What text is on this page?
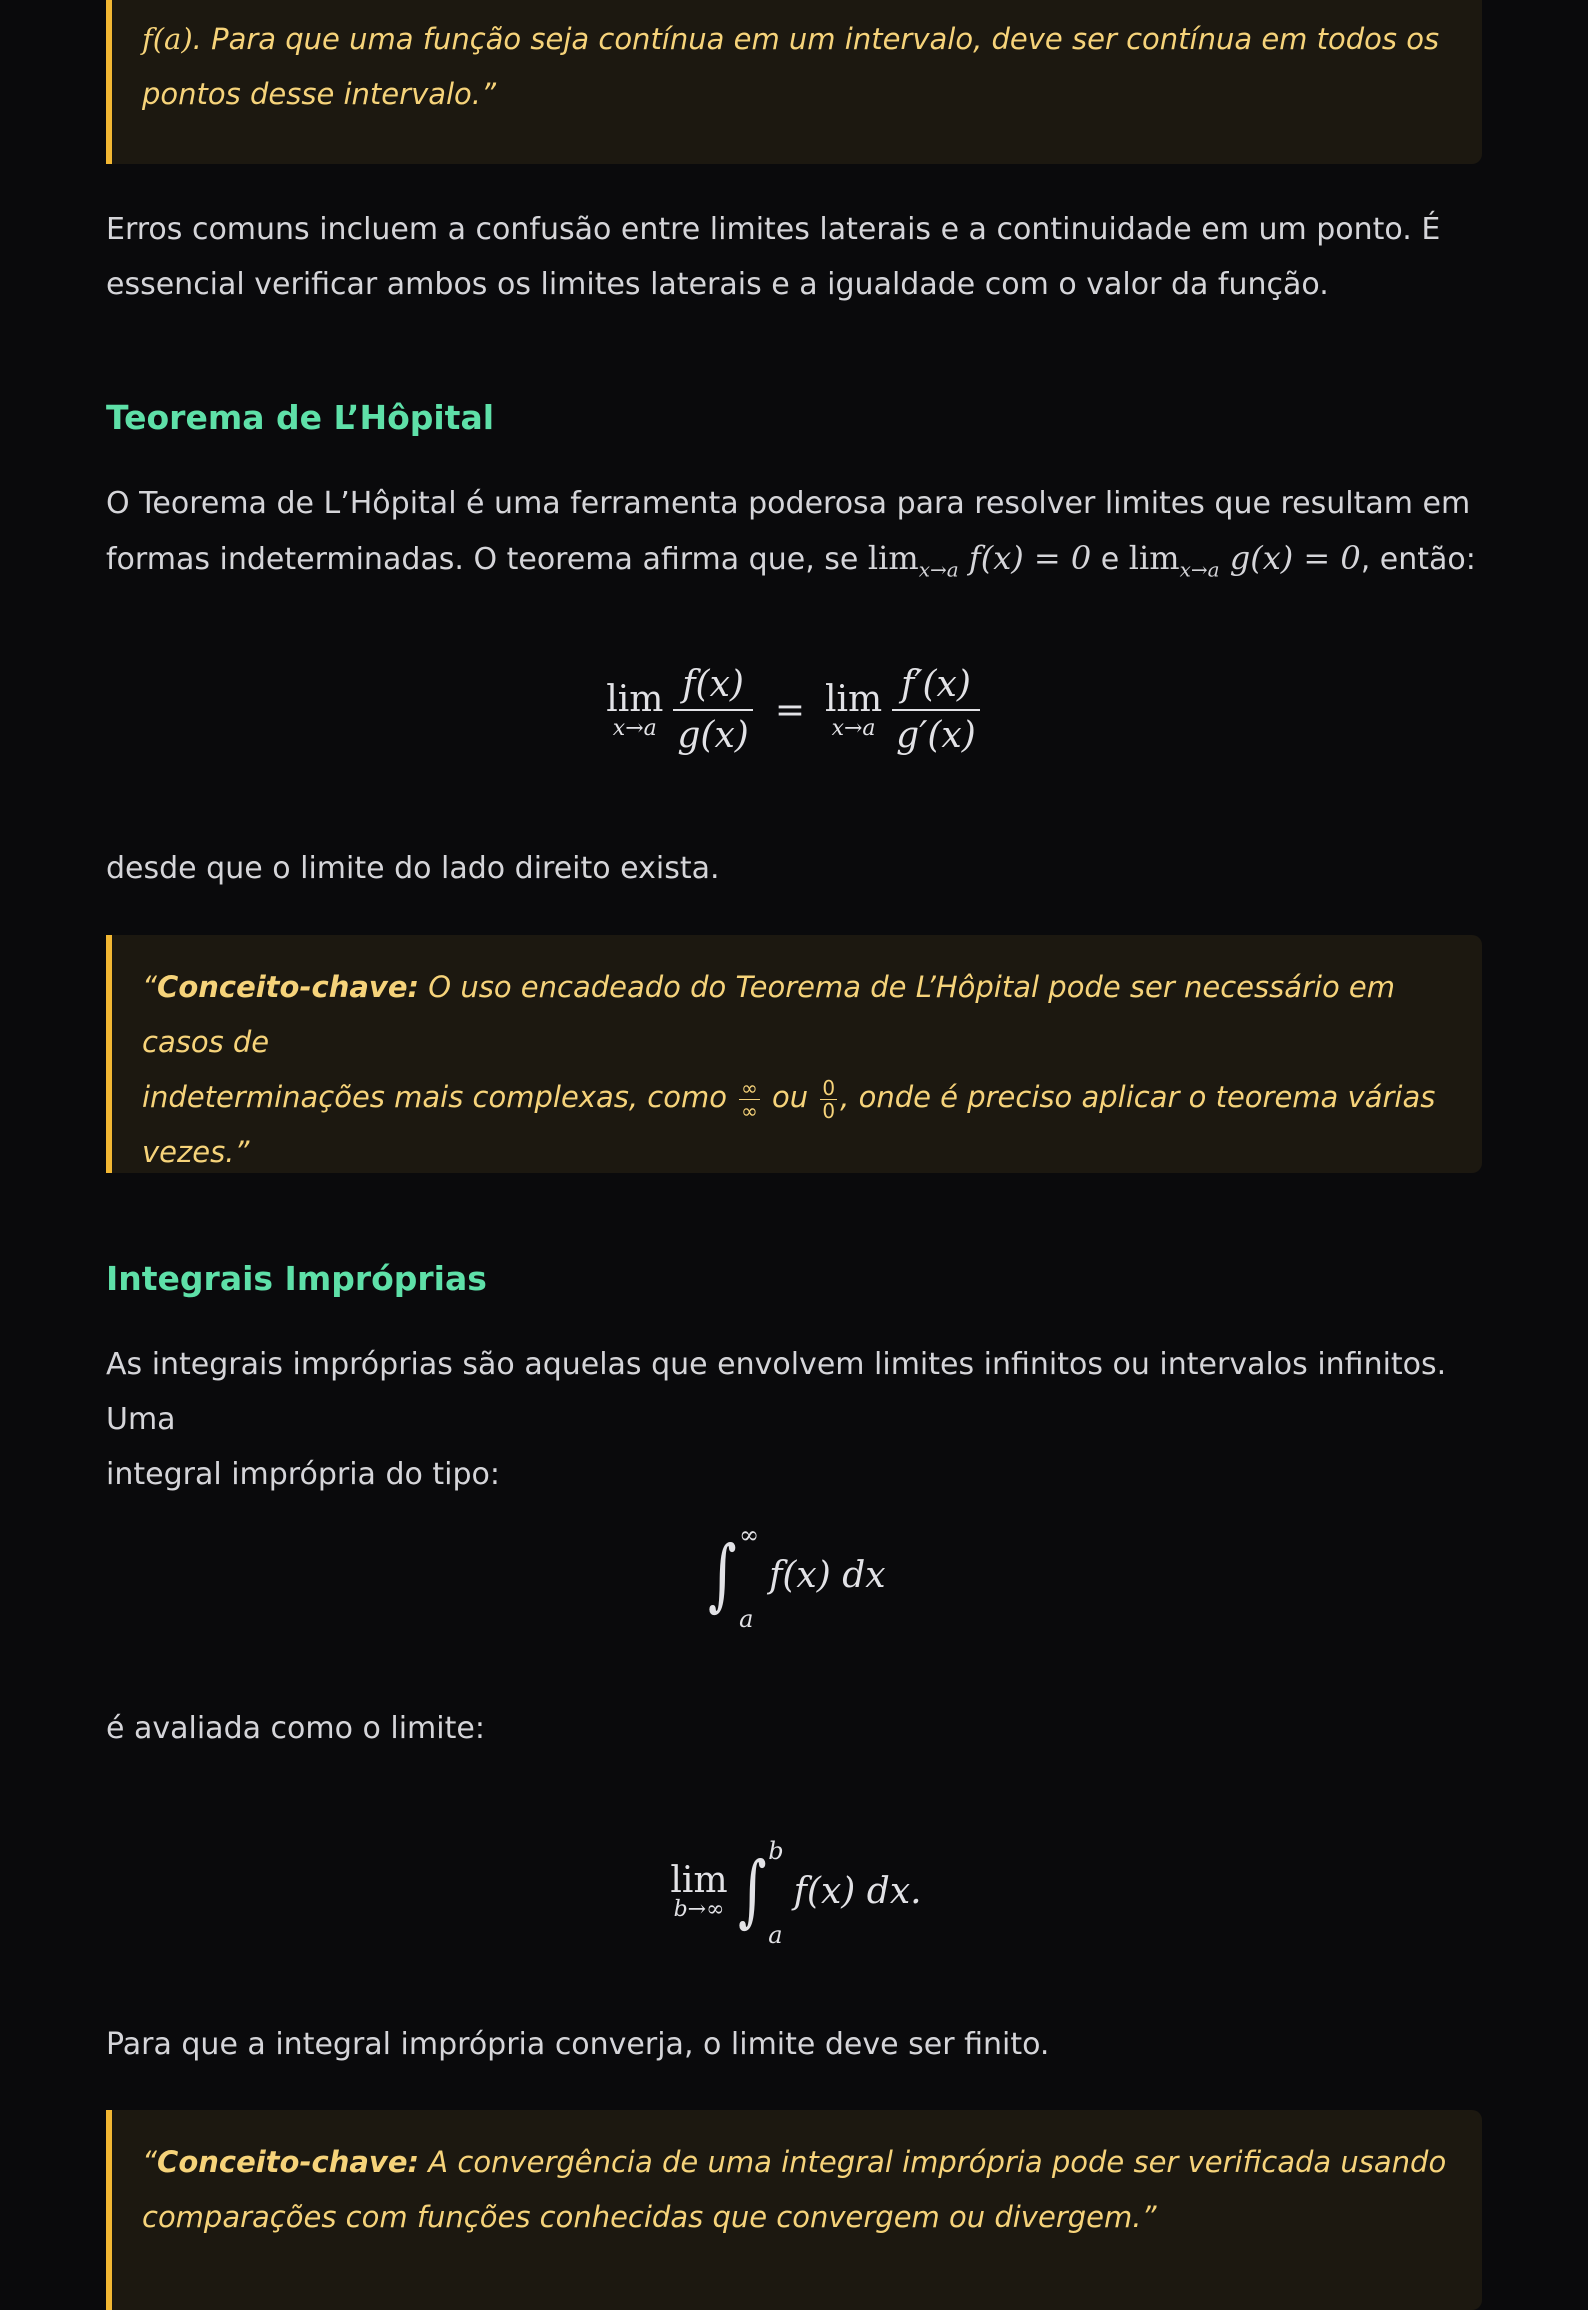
f(a). Para que uma função seja contínua em um intervalo, deve ser contínua em todos os
pontos desse intervalo.”
Erros comuns incluem a confusão entre limites laterais e a continuidade em um ponto. É
essencial verificar ambos os limites laterais e a igualdade com o valor da função.
Teorema de L’Hôpital
O Teorema de L’Hôpital é uma ferramenta poderosa para resolver limites que resultam em
formas indeterminadas. O teorema afirma que, se $\lim_{x\to a} f(x) = 0$ e $\lim_{x\to a} g(x) = 0$, então:
lim
$x\to a \frac{f(x)}{g(x)} = \lim$
$x\to a \frac{f'(x)}{g'(x)}$
desde que o limite do lado direito exista.
“Conceito-chave: O uso encadeado do Teorema de L’Hôpital pode ser necessário em casos de
indeterminações mais complexas, como ∞
∞ ou $\frac{0}{0}$ , onde é preciso aplicar o teorema várias
vezes.”
Integrais Impróprias
As integrais impróprias são aquelas que envolvem limites infinitos ou intervalos infinitos. Uma
integral imprópria do tipo:
∫ ∞
a
f(x) dx
é avaliada como o limite:
lim
b→∞ ∫ b
a
f(x) dx.
Para que a integral imprópria converja, o limite deve ser finito.
“Conceito-chave: A convergência de uma integral imprópria pode ser verificada usando
comparações com funções conhecidas que convergem ou divergem.”
